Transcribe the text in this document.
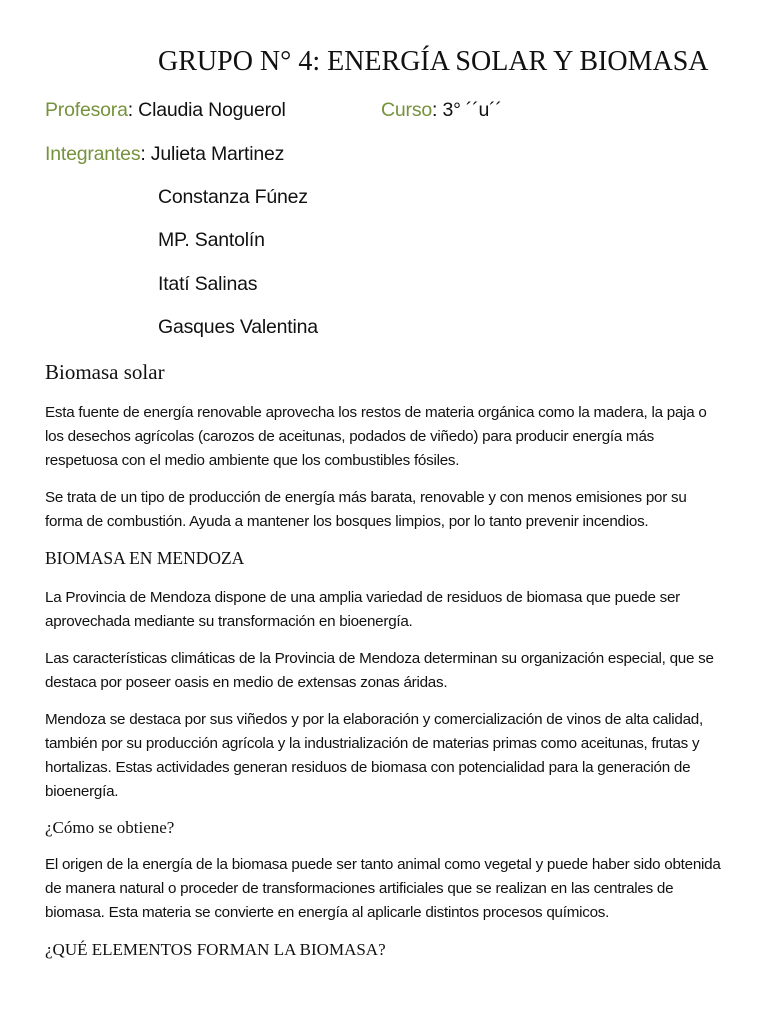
GRUPO N° 4: ENERGÍA SOLAR Y BIOMASA
Profesora: Claudia Noguerol	Curso: 3° ´´u´´
Integrantes: Julieta Martinez
Constanza Fúnez
MP. Santolín
Itatí Salinas
Gasques Valentina
Biomasa solar

Esta fuente de energía renovable aprovecha los restos de materia orgánica como la madera, la paja o los desechos agrícolas (carozos de aceitunas, podados de viñedo) para producir energía más respetuosa con el medio ambiente que los combustibles fósiles.

Se trata de un tipo de producción de energía más barata, renovable y con menos emisiones por su forma de combustión. Ayuda a mantener los bosques limpios, por lo tanto prevenir incendios.

BIOMASA EN MENDOZA

La Provincia de Mendoza dispone de una amplia variedad de residuos de biomasa que puede ser aprovechada mediante su transformación en bioenergía.

Las características climáticas de la Provincia de Mendoza determinan su organización especial, que se destaca por poseer oasis en medio de extensas zonas áridas.

Mendoza se destaca por sus viñedos y por la elaboración y comercialización de vinos de alta calidad, también por su producción agrícola y la industrialización de materias primas como aceitunas, frutas y hortalizas. Estas actividades generan residuos de biomasa con potencialidad para la generación de bioenergía.

¿Cómo se obtiene?

El origen de la energía de la biomasa puede ser tanto animal como vegetal y puede haber sido obtenida de manera natural o proceder de transformaciones artificiales que se realizan en las centrales de biomasa. Esta materia se convierte en energía al aplicarle distintos procesos químicos.

¿QUÉ ELEMENTOS FORMAN LA BIOMASA?
